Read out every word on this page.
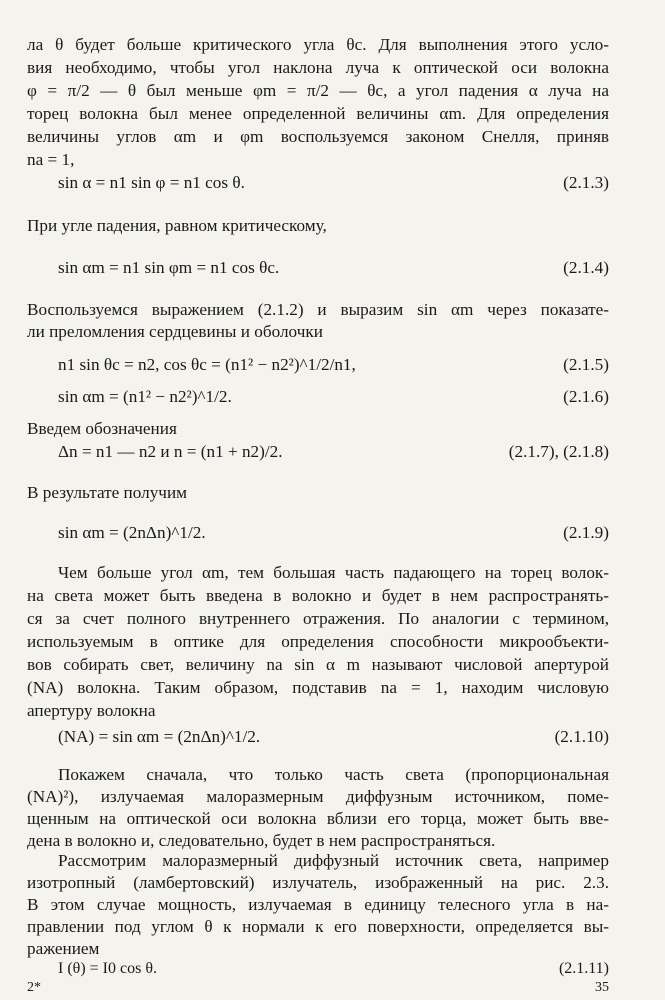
ла θ будет больше критического угла θc. Для выполнения этого усло-
вия необходимо, чтобы угол наклона луча к оптической оси волокна
φ = π/2 — θ был меньше φm = π/2 — θc, а угол падения α луча на
торец волокна был менее определенной величины αm. Для определения
величины углов αm и φm воспользуемся законом Снелля, приняв
na = 1,
sin α = n1 sin φ = n1 cos θ.	(2.1.3)
При угле падения, равном критическому,
sin αm = n1 sin φm = n1 cos θc.	(2.1.4)
Воспользуемся выражением (2.1.2) и выразим sin αm через показате-
ли преломления сердцевины и оболочки
n1 sin θc = n2, cos θc = (n1² − n2²)^1/2/n1,	(2.1.5)
sin αm = (n1² − n2²)^1/2.	(2.1.6)
Введем обозначения
Δn = n1 — n2 и n = (n1 + n2)/2.	(2.1.7), (2.1.8)
В результате получим
sin αm = (2nΔn)^1/2.	(2.1.9)
Чем больше угол αm, тем большая часть падающего на торец волок-
на света может быть введена в волокно и будет в нем распространять-
ся за счет полного внутреннего отражения. По аналогии с термином,
используемым в оптике для определения способности микрообъекти-
вов собирать свет, величину na sin α m называют числовой апертурой
(NA) волокна. Таким образом, подставив na = 1, находим числовую
апертуру волокна
(NA) = sin αm = (2nΔn)^1/2.	(2.1.10)
Покажем сначала, что только часть света (пропорциональная
(NA)²), излучаемая малоразмерным диффузным источником, поме-
щенным на оптической оси волокна вблизи его торца, может быть вве-
дена в волокно и, следовательно, будет в нем распространяться.
Рассмотрим малоразмерный диффузный источник света, например
изотропный (ламбертовский) излучатель, изображенный на рис. 2.3.
В этом случае мощность, излучаемая в единицу телесного угла в на-
правлении под углом θ к нормали к его поверхности, определяется вы-
ражением
I (θ) = I0 cos θ.	(2.1.11)
2*	35
